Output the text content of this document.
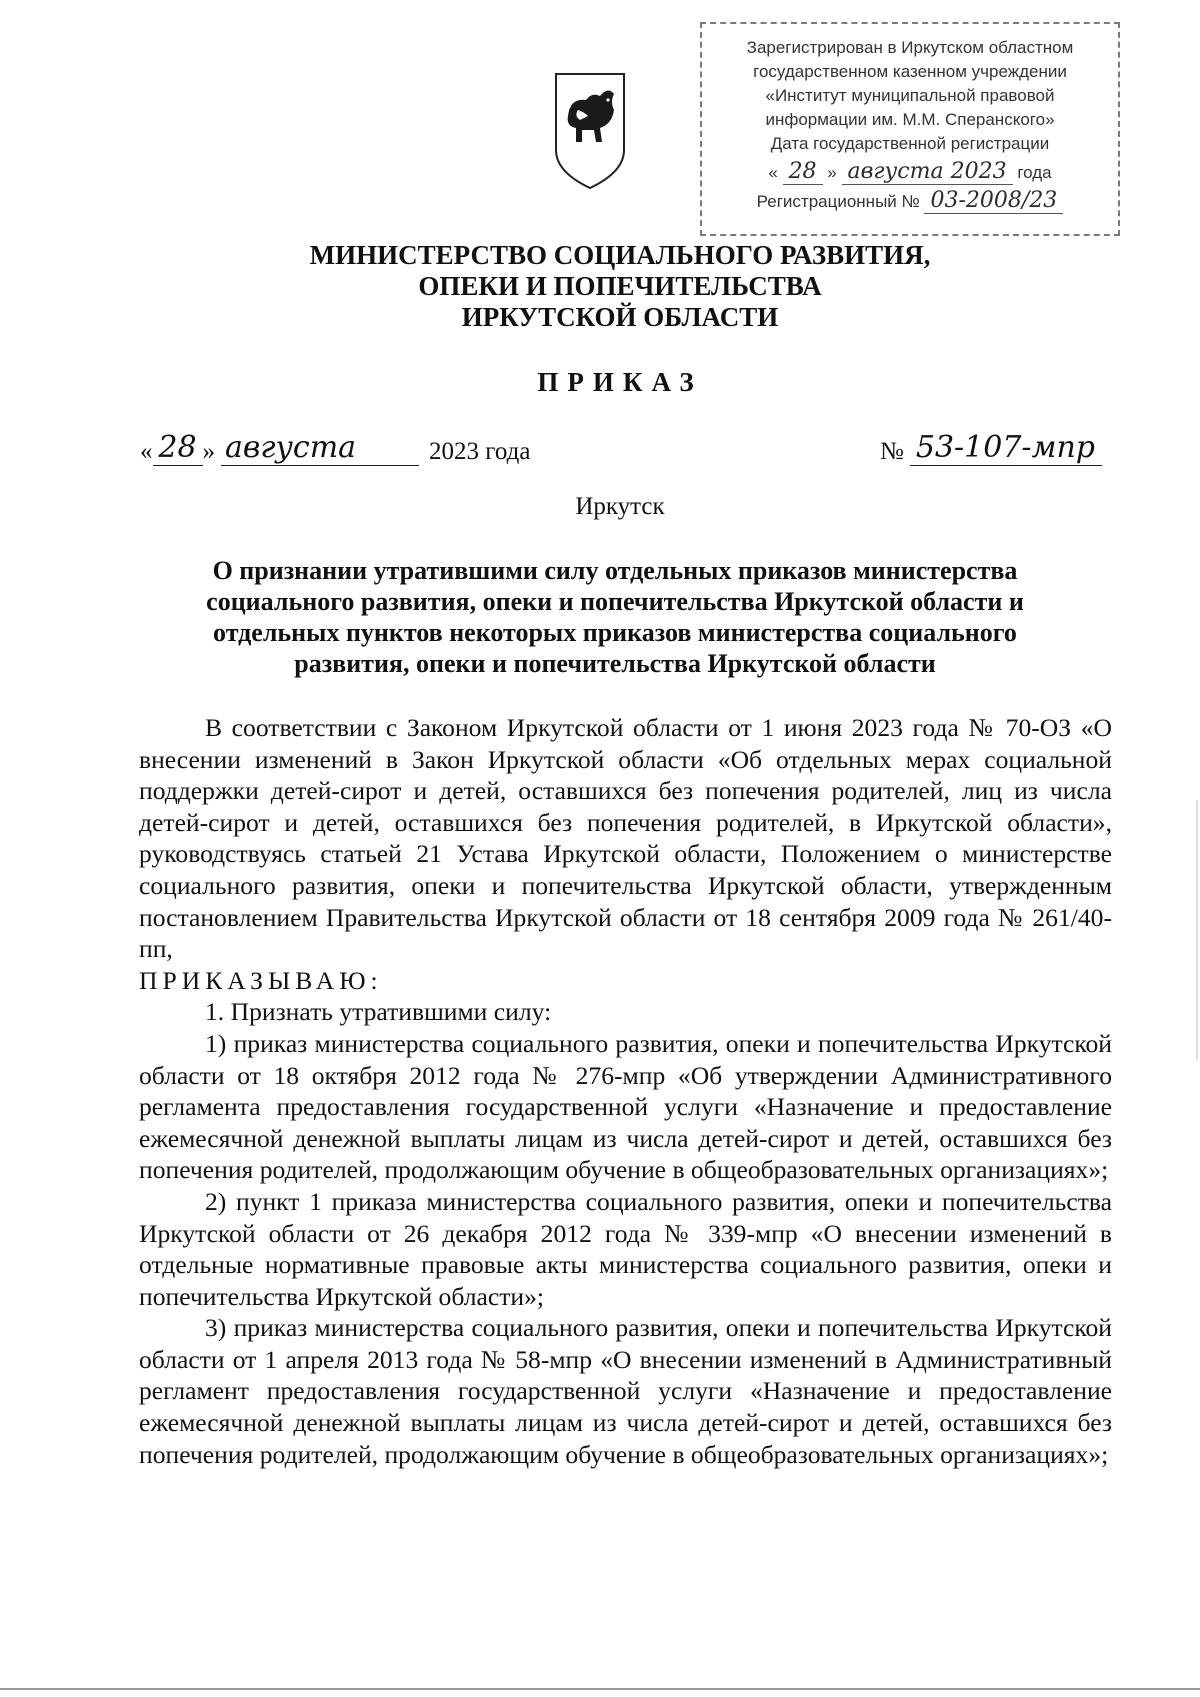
Зарегистрирован в Иркутском областном
государственном казенном учреждении
«Институт муниципальной правовой
информации им. М.М. Сперанского»
Дата государственной регистрации
« 28 » августа 2023 года
Регистрационный № 03-2008/23
МИНИСТЕРСТВО СОЦИАЛЬНОГО РАЗВИТИЯ,
ОПЕКИ И ПОПЕЧИТЕЛЬСТВА
ИРКУТСКОЙ ОБЛАСТИ
ПРИКАЗ
« 28 » августа	2023 года	№ 53-107-мпр
Иркутск
О признании утратившими силу отдельных приказов министерства
социального развития, опеки и попечительства Иркутской области и
отдельных пунктов некоторых приказов министерства социального
развития, опеки и попечительства Иркутской области

В соответствии с Законом Иркутской области от 1 июня 2023 года № 70-ОЗ «О внесении изменений в Закон Иркутской области «Об отдельных мерах социальной поддержки детей-сирот и детей, оставшихся без попечения родителей, лиц из числа детей-сирот и детей, оставшихся без попечения родителей, в Иркутской области», руководствуясь статьей 21 Устава Иркутской области, Положением о министерстве социального развития, опеки и попечительства Иркутской области, утвержденным постановлением Правительства Иркутской области от 18 сентября 2009 года № 261/40-пп,

ПРИКАЗЫВАЮ:

1. Признать утратившими силу:

1) приказ министерства социального развития, опеки и попечительства Иркутской области от 18 октября 2012 года № 276-мпр «Об утверждении Административного регламента предоставления государственной услуги «Назначение и предоставление ежемесячной денежной выплаты лицам из числа детей-сирот и детей, оставшихся без попечения родителей, продолжающим обучение в общеобразовательных организациях»;

2) пункт 1 приказа министерства социального развития, опеки и попечительства Иркутской области от 26 декабря 2012 года № 339-мпр «О внесении изменений в отдельные нормативные правовые акты министерства социального развития, опеки и попечительства Иркутской области»;

3) приказ министерства социального развития, опеки и попечительства Иркутской области от 1 апреля 2013 года № 58-мпр «О внесении изменений в Административный регламент предоставления государственной услуги «Назначение и предоставление ежемесячной денежной выплаты лицам из числа детей-сирот и детей, оставшихся без попечения родителей, продолжающим обучение в общеобразовательных организациях»;
